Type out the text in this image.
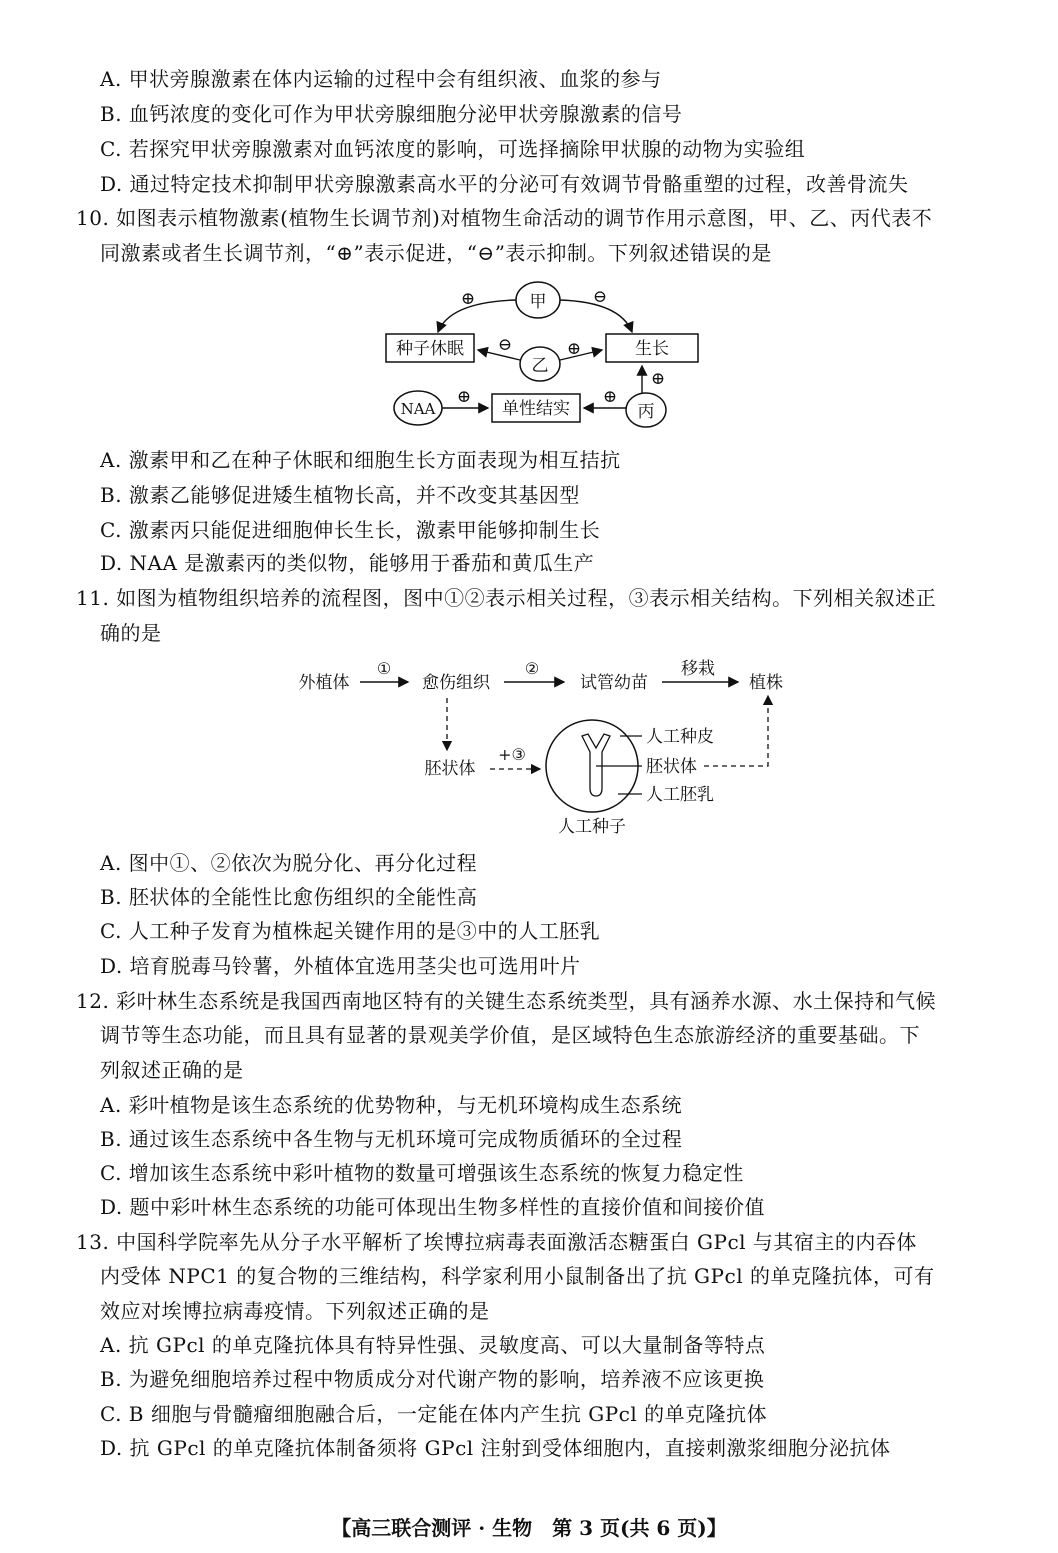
A. 甲状旁腺激素在体内运输的过程中会有组织液、血浆的参与
B. 血钙浓度的变化可作为甲状旁腺细胞分泌甲状旁腺激素的信号
C. 若探究甲状旁腺激素对血钙浓度的影响，可选择摘除甲状腺的动物为实验组
D. 通过特定技术抑制甲状旁腺激素高水平的分泌可有效调节骨骼重塑的过程，改善骨流失
10. 如图表示植物激素(植物生长调节剂)对植物生命活动的调节作用示意图，甲、乙、丙代表不
同激素或者生长调节剂，“⊕”表示促进，“⊖”表示抑制。下列叙述错误的是
甲
种子休眠	生长
乙
NAA	单性结实	丙
⊕	⊖
⊖	⊕
⊕	⊕
⊕
A. 激素甲和乙在种子休眠和细胞生长方面表现为相互拮抗
B. 激素乙能够促进矮生植物长高，并不改变其基因型
C. 激素丙只能促进细胞伸长生长，激素甲能够抑制生长
D. NAA 是激素丙的类似物，能够用于番茄和黄瓜生产
11. 如图为植物组织培养的流程图，图中①②表示相关过程，③表示相关结构。下列相关叙述正
确的是
外植体
①
愈伤组织
②
试管幼苗
移栽
植株
胚状体
+③
人工种皮
胚状体
人工胚乳
人工种子
A. 图中①、②依次为脱分化、再分化过程
B. 胚状体的全能性比愈伤组织的全能性高
C. 人工种子发育为植株起关键作用的是③中的人工胚乳
D. 培育脱毒马铃薯，外植体宜选用茎尖也可选用叶片
12. 彩叶林生态系统是我国西南地区特有的关键生态系统类型，具有涵养水源、水土保持和气候
调节等生态功能，而且具有显著的景观美学价值，是区域特色生态旅游经济的重要基础。下
列叙述正确的是
A. 彩叶植物是该生态系统的优势物种，与无机环境构成生态系统
B. 通过该生态系统中各生物与无机环境可完成物质循环的全过程
C. 增加该生态系统中彩叶植物的数量可增强该生态系统的恢复力稳定性
D. 题中彩叶林生态系统的功能可体现出生物多样性的直接价值和间接价值
13. 中国科学院率先从分子水平解析了埃博拉病毒表面激活态糖蛋白 GPcl 与其宿主的内吞体
内受体 NPC1 的复合物的三维结构，科学家利用小鼠制备出了抗 GPcl 的单克隆抗体，可有
效应对埃博拉病毒疫情。下列叙述正确的是
A. 抗 GPcl 的单克隆抗体具有特异性强、灵敏度高、可以大量制备等特点
B. 为避免细胞培养过程中物质成分对代谢产物的影响，培养液不应该更换
C. B 细胞与骨髓瘤细胞融合后，一定能在体内产生抗 GPcl 的单克隆抗体
D. 抗 GPcl 的单克隆抗体制备须将 GPcl 注射到受体细胞内，直接刺激浆细胞分泌抗体
【高三联合测评 · 生物　第 3 页(共 6 页)】
